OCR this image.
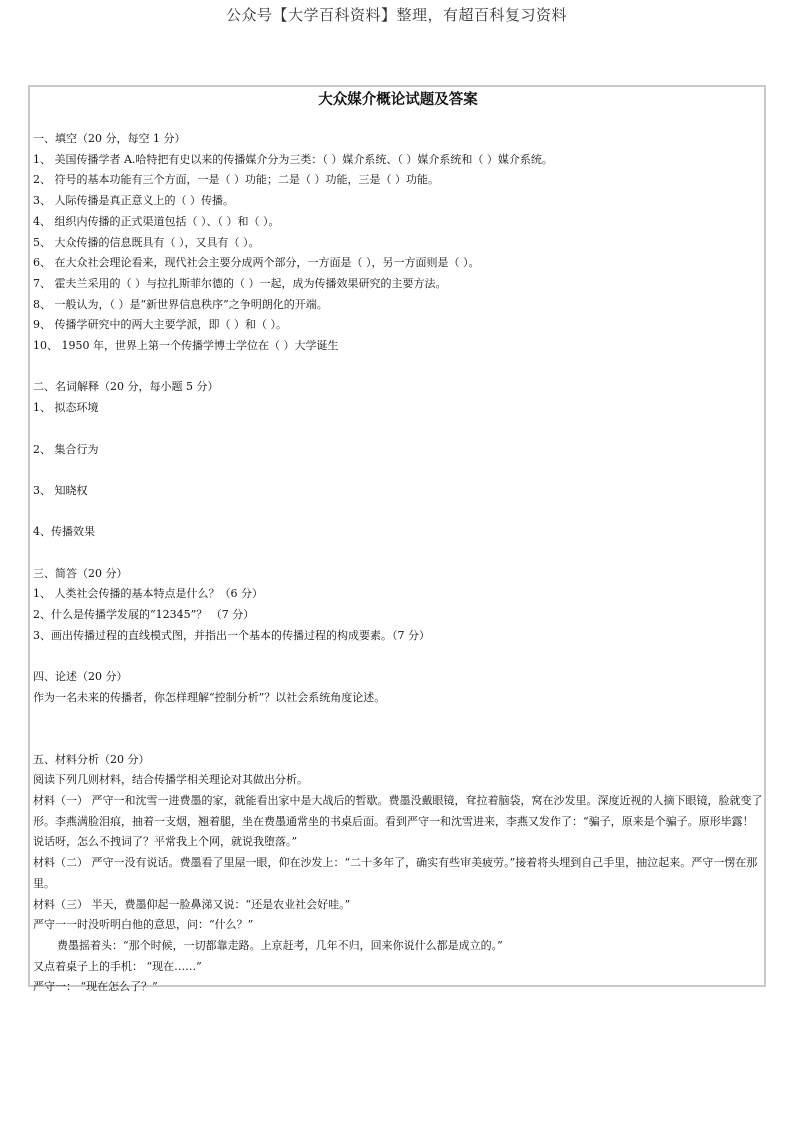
公众号【大学百科资料】整理，有超百科复习资料
大众媒介概论试题及答案
一、填空（20 分，每空 1 分）
1、 美国传播学者 A.哈特把有史以来的传播媒介分为三类：（ ）媒介系统、（ ）媒介系统和（ ）媒介系统。
2、 符号的基本功能有三个方面，一是（ ）功能；二是（ ）功能，三是（ ）功能。
3、 人际传播是真正意义上的（ ）传播。
4、 组织内传播的正式渠道包括（ ）、（ ）和（ ）。
5、 大众传播的信息既具有（ ），又具有（ ）。
6、 在大众社会理论看来，现代社会主要分成两个部分，一方面是（ ），另一方面则是（ ）。
7、 霍夫兰采用的（ ）与拉扎斯菲尔德的（ ）一起，成为传播效果研究的主要方法。
8、 一般认为，（ ）是“新世界信息秩序”之争明朗化的开端。
9、 传播学研究中的两大主要学派，即（ ）和（ ）。
10、 1950 年，世界上第一个传播学博士学位在（ ）大学诞生
二、名词解释（20 分，每小题 5 分）
1、 拟态环境
2、 集合行为
3、 知晓权
4、传播效果
三、简答（20 分）
1、 人类社会传播的基本特点是什么？（6 分）
2、什么是传播学发展的“12345”？ （7 分）
3、画出传播过程的直线模式图，并指出一个基本的传播过程的构成要素。（7 分）
四、论述（20 分）
作为一名未来的传播者，你怎样理解“控制分析”？以社会系统角度论述。
五、材料分析（20 分）
阅读下列几则材料，结合传播学相关理论对其做出分析。
材料（一） 严守一和沈雪一进费墨的家，就能看出家中是大战后的暂歇。费墨没戴眼镜，耷拉着脑袋，窝在沙发里。深度近视的人摘下眼镜，脸就变了形。李燕满脸泪痕，抽着一支烟，翘着腿，坐在费墨通常坐的书桌后面。看到严守一和沈雪进来，李燕又发作了：“骗子，原来是个骗子。原形毕露！说话呀，怎么不拽词了？平常我上个网，就说我堕落。”
材料（二） 严守一没有说话。费墨看了里屋一眼，仰在沙发上：“二十多年了，确实有些审美疲劳。”接着将头埋到自己手里，抽泣起来。严守一愣在那里。
材料（三） 半天，费墨仰起一脸鼻涕又说：“还是农业社会好哇。”
严守一一时没听明白他的意思，问：“什么？”
费墨摇着头：“那个时候，一切都靠走路。上京赶考，几年不归，回来你说什么都是成立的。”
又点着桌子上的手机： “现在……”
严守一： “现在怎么了？”
